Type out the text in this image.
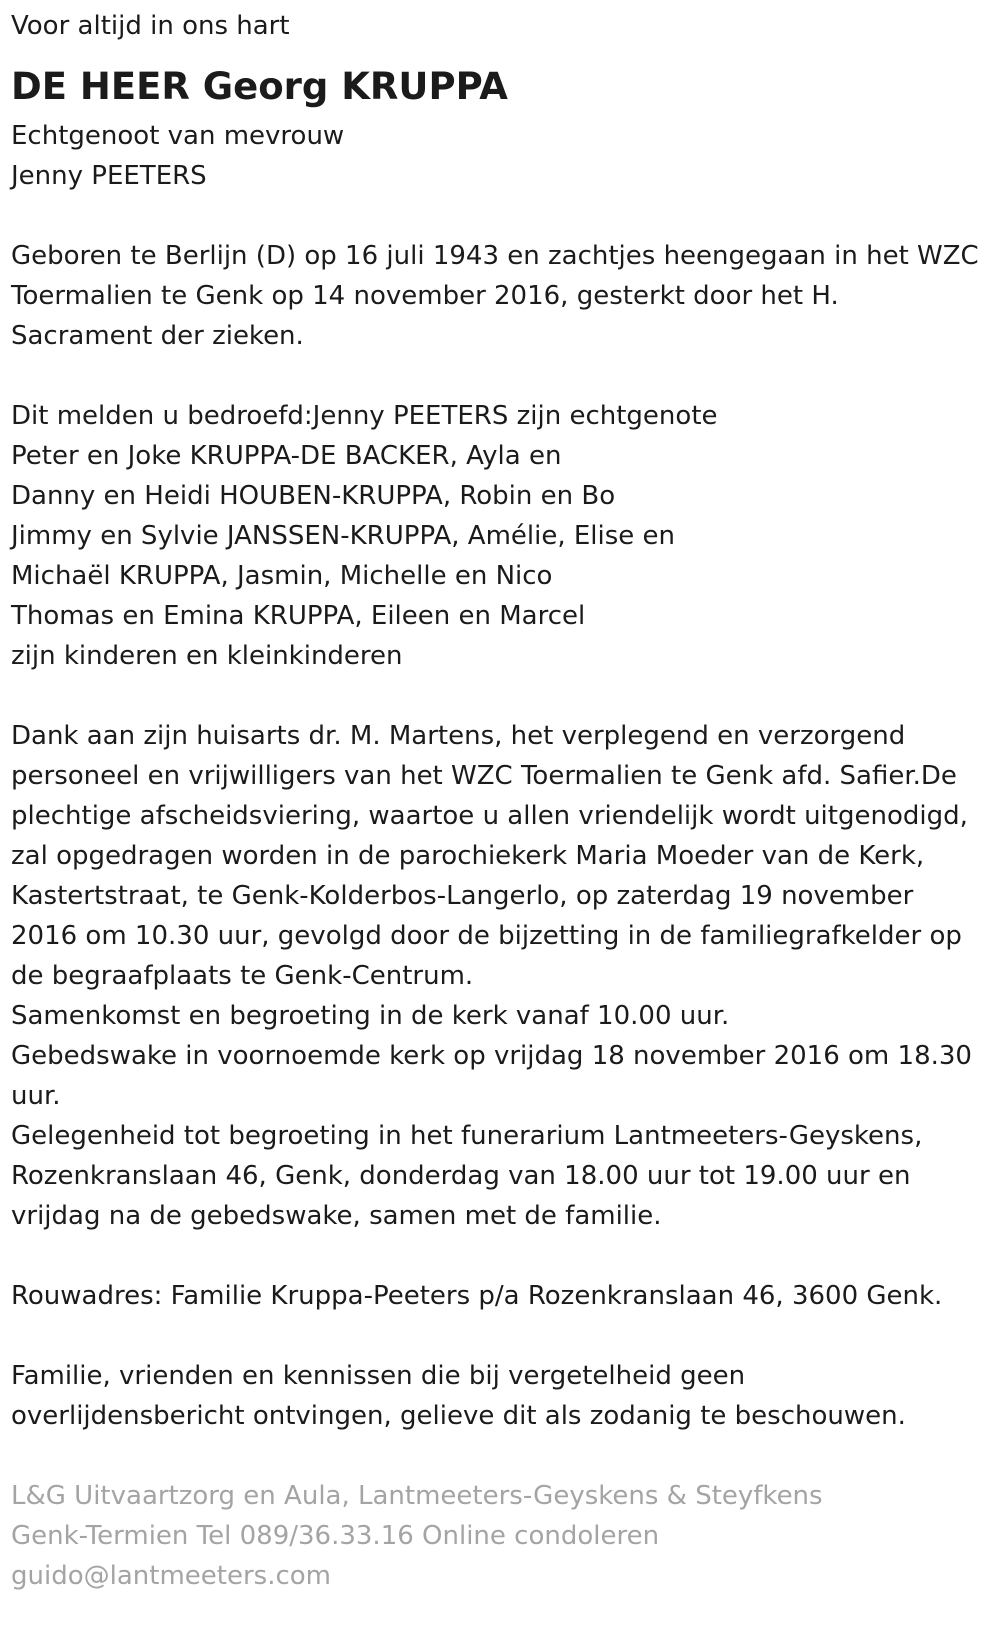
Voor altijd in ons hart

DE HEER Georg KRUPPA

Echtgenoot van mevrouw

Jenny PEETERS

Geboren te Berlijn (D) op 16 juli 1943 en zachtjes heengegaan in het WZC

Toermalien te Genk op 14 november 2016, gesterkt door het H.

Sacrament der zieken.

Dit melden u bedroefd:Jenny PEETERS zijn echtgenote

Peter en Joke KRUPPA-DE BACKER, Ayla en

Danny en Heidi HOUBEN-KRUPPA, Robin en Bo

Jimmy en Sylvie JANSSEN-KRUPPA, Amélie, Elise en

Michaël KRUPPA, Jasmin, Michelle en Nico

Thomas en Emina KRUPPA, Eileen en Marcel

zijn kinderen en kleinkinderen

Dank aan zijn huisarts dr. M. Martens, het verplegend en verzorgend

personeel en vrijwilligers van het WZC Toermalien te Genk afd. Safier.De

plechtige afscheidsviering, waartoe u allen vriendelijk wordt uitgenodigd,

zal opgedragen worden in de parochiekerk Maria Moeder van de Kerk,

Kastertstraat, te Genk-Kolderbos-Langerlo, op zaterdag 19 november

2016 om 10.30 uur, gevolgd door de bijzetting in de familiegrafkelder op

de begraafplaats te Genk-Centrum.

Samenkomst en begroeting in de kerk vanaf 10.00 uur.

Gebedswake in voornoemde kerk op vrijdag 18 november 2016 om 18.30

uur.

Gelegenheid tot begroeting in het funerarium Lantmeeters-Geyskens,

Rozenkranslaan 46, Genk, donderdag van 18.00 uur tot 19.00 uur en

vrijdag na de gebedswake, samen met de familie.

Rouwadres: Familie Kruppa-Peeters p/a Rozenkranslaan 46, 3600 Genk.

Familie, vrienden en kennissen die bij vergetelheid geen

overlijdensbericht ontvingen, gelieve dit als zodanig te beschouwen.

L&G Uitvaartzorg en Aula, Lantmeeters-Geyskens & Steyfkens

Genk-Termien Tel 089/36.33.16 Online condoleren

guido@lantmeeters.com
